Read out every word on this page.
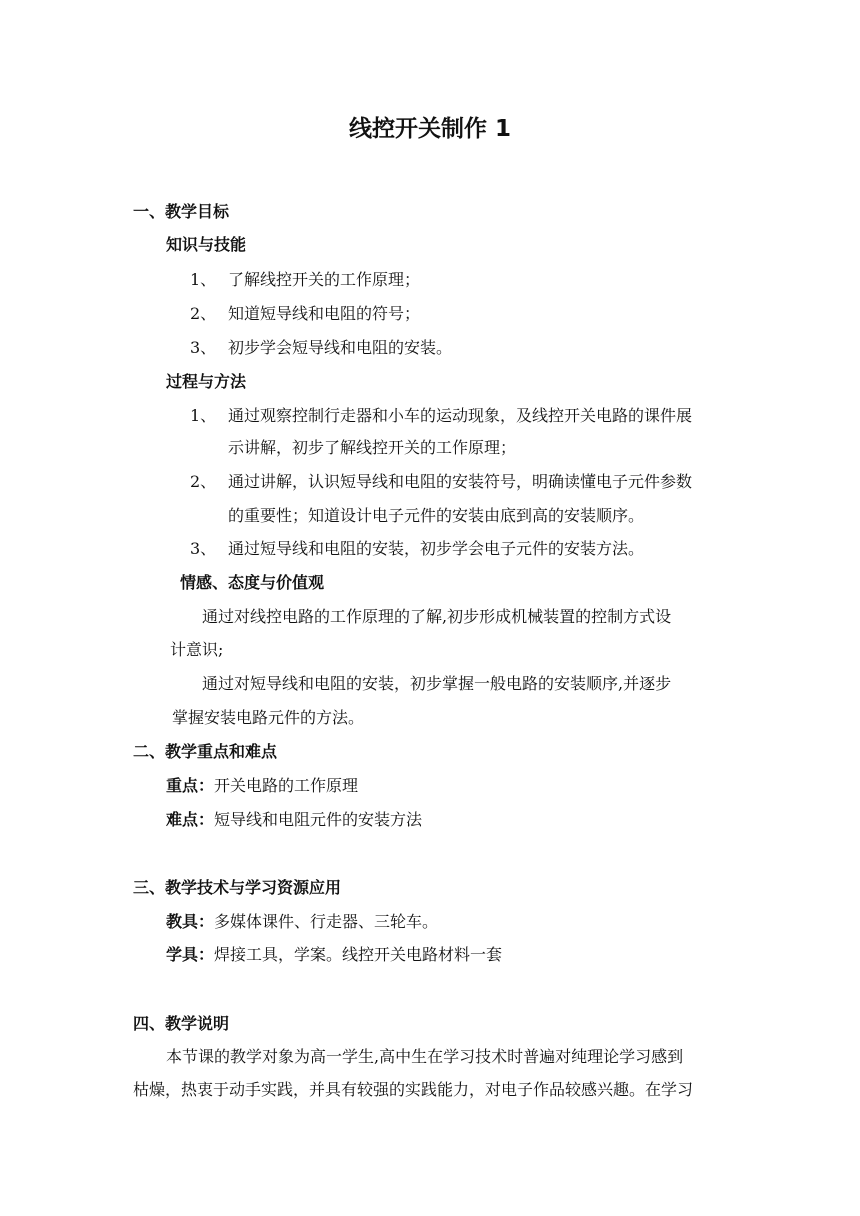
线控开关制作 1
一、教学目标
知识与技能
1、 了解线控开关的工作原理；
2、 知道短导线和电阻的符号；
3、 初步学会短导线和电阻的安装。
过程与方法
1、 通过观察控制行走器和小车的运动现象，及线控开关电路的课件展
示讲解，初步了解线控开关的工作原理；
2、 通过讲解，认识短导线和电阻的安装符号，明确读懂电子元件参数
的重要性；知道设计电子元件的安装由底到高的安装顺序。
3、 通过短导线和电阻的安装，初步学会电子元件的安装方法。
情感、态度与价值观
通过对线控电路的工作原理的了解,初步形成机械装置的控制方式设
计意识;
通过对短导线和电阻的安装，初步掌握一般电路的安装顺序,并逐步
掌握安装电路元件的方法。
二、教学重点和难点
重点：开关电路的工作原理
难点：短导线和电阻元件的安装方法
三、教学技术与学习资源应用
教具：多媒体课件、行走器、三轮车。
学具：焊接工具，学案。线控开关电路材料一套
四、教学说明
本节课的教学对象为高一学生,高中生在学习技术时普遍对纯理论学习感到
枯燥，热衷于动手实践，并具有较强的实践能力，对电子作品较感兴趣。在学习
